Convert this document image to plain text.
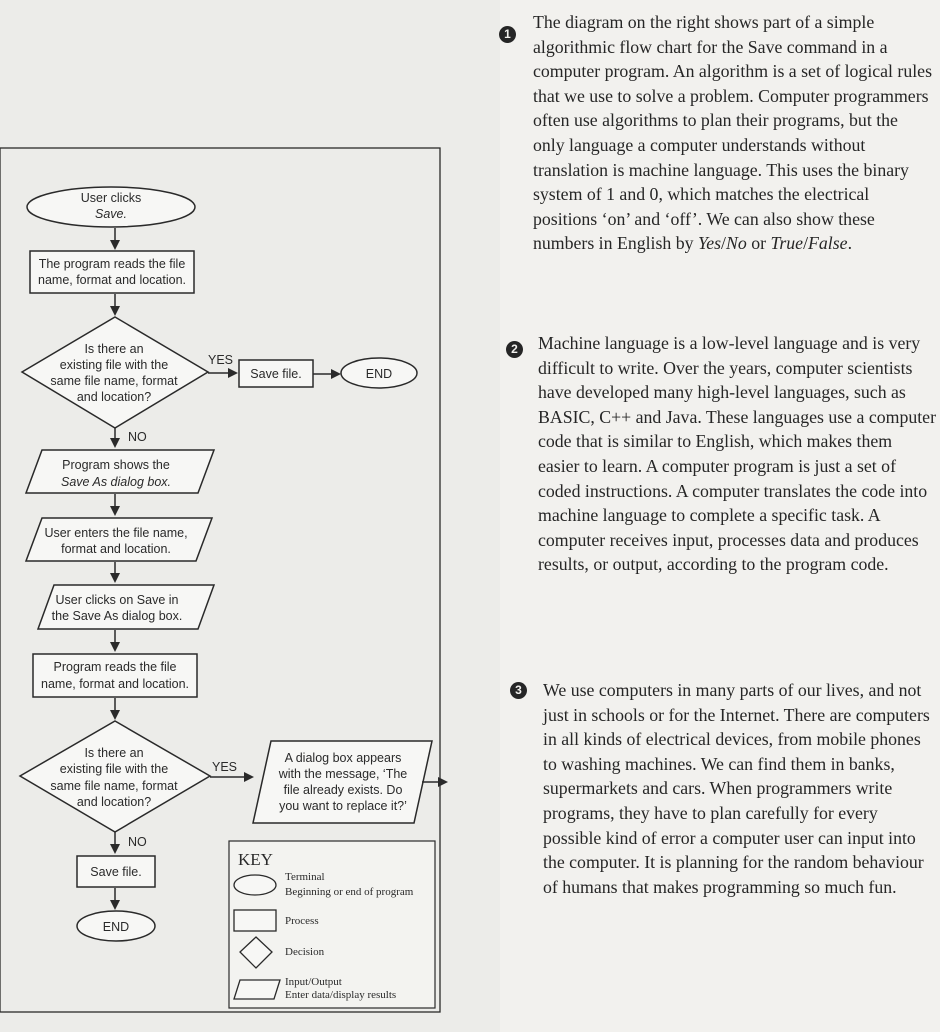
User clicks
Save.
The program reads the file
name, format and location.
Is there an
existing file with the
same file name, format
and location?
YES
Save file.	END
NO
Program shows the
Save As dialog box.
User enters the file name,
format and location.
User clicks on Save in
the Save As dialog box.
Program reads the file
name, format and location.
Is there an
existing file with the
same file name, format
and location?
YES
A dialog box appears
with the message, ‘The
file already exists. Do
you want to replace it?’
NO
Save file.
END
KEY
Terminal
Beginning or end of program
Process
Decision
Input/Output
Enter data/display results
1
The diagram on the right shows part of a simple algorithmic flow chart for the Save command in a computer program. An algorithm is a set of logical rules that we use to solve a problem. Computer programmers often use algorithms to plan their programs, but the only language a computer understands without translation is machine language. This uses the binary system of 1 and 0, which matches the electrical positions ‘on’ and ‘off’. We can also show these numbers in English by Yes/No or True/False.
2 Machine language is a low-level language and is very difficult to write. Over the years, computer scientists have developed many high-level languages, such as BASIC, C++ and Java. These languages use a computer code that is similar to English, which makes them easier to learn. A computer program is just a set of coded instructions. A computer translates the code into machine language to complete a specific task. A computer receives input, processes data and produces results, or output, according to the program code.
3 We use computers in many parts of our lives, and not just in schools or for the Internet. There are computers in all kinds of electrical devices, from mobile phones to washing machines. We can find them in banks, supermarkets and cars. When programmers write programs, they have to plan carefully for every possible kind of error a computer user can input into the computer. It is planning for the random behaviour of humans that makes programming so much fun.
